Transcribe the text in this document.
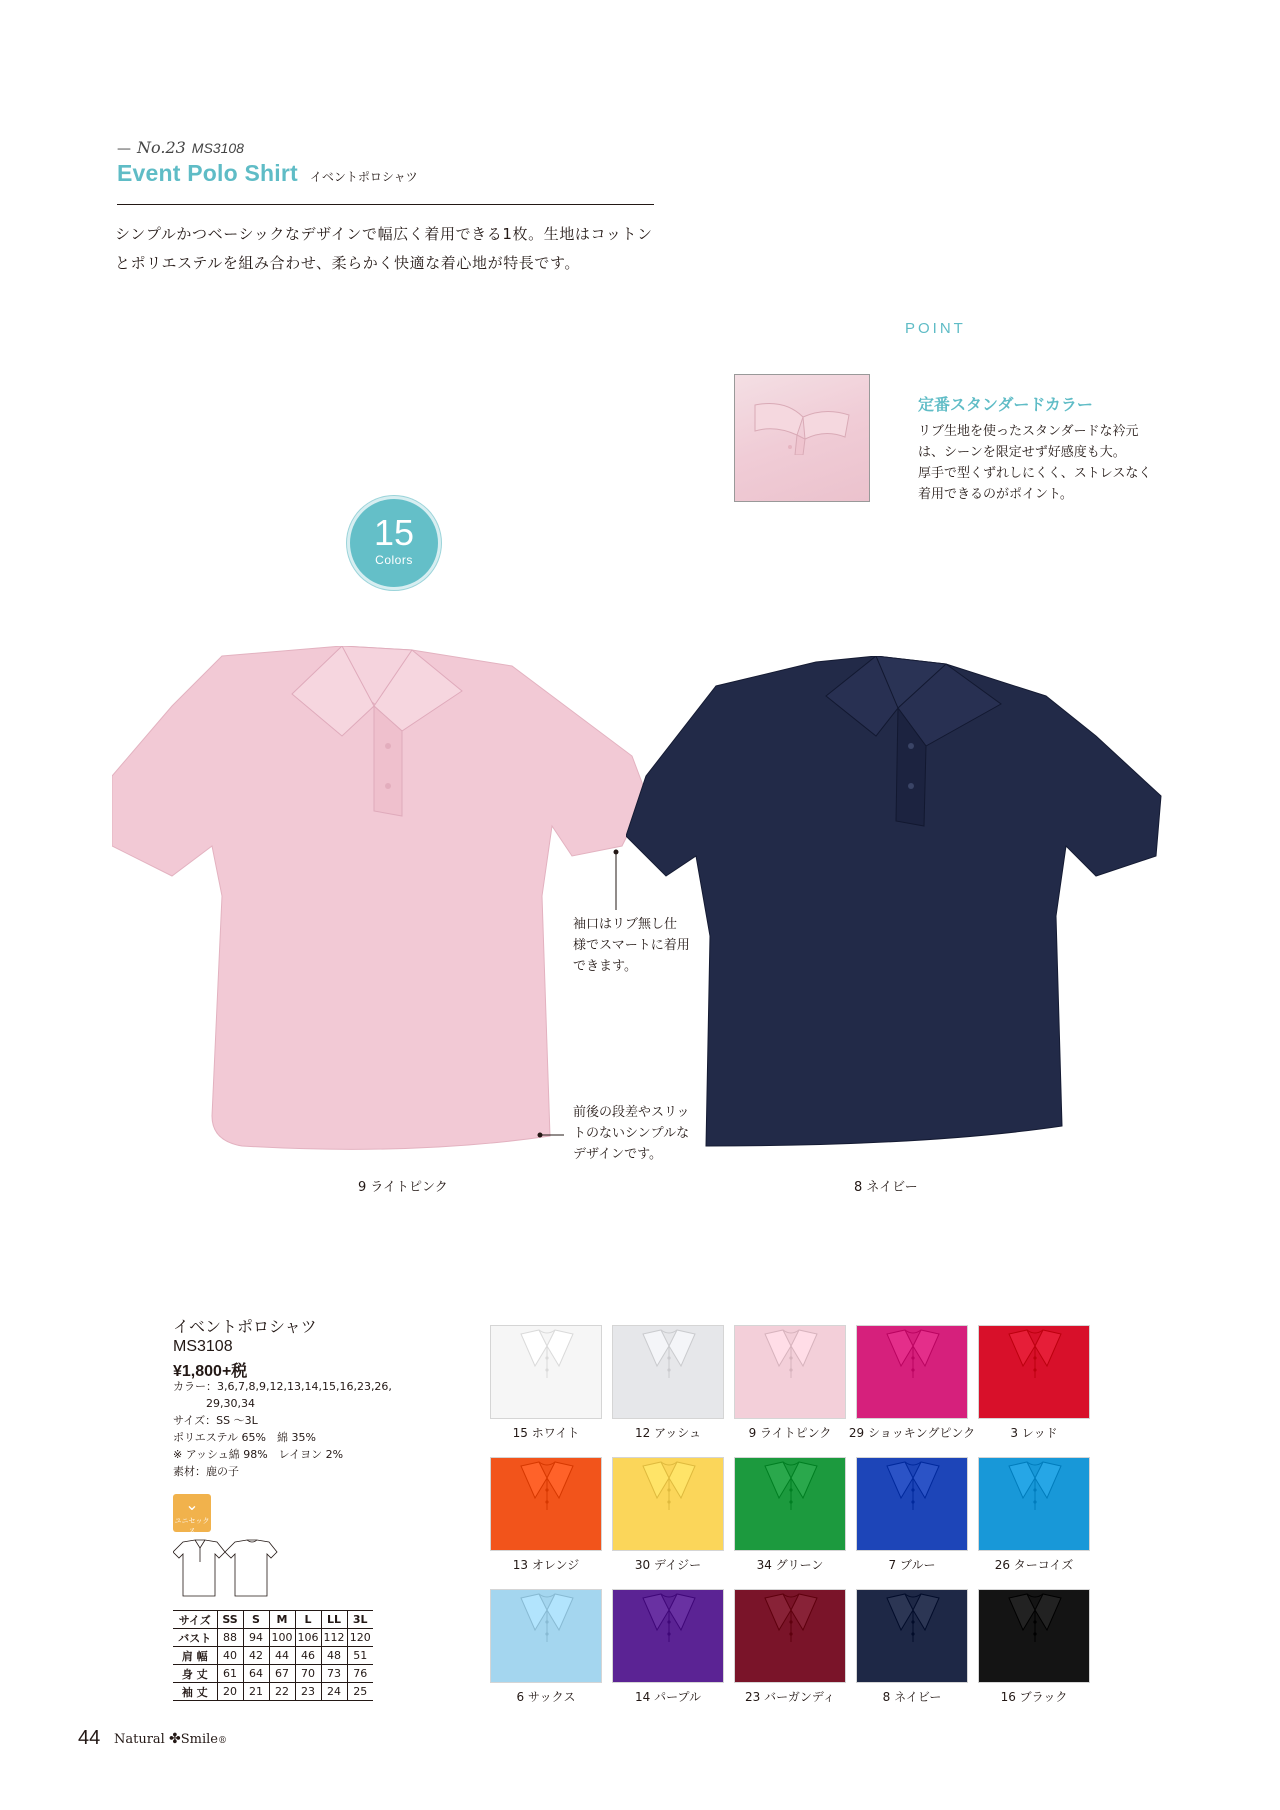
— No.23 MS3108
Event Polo Shirt イベントポロシャツ
シンプルかつベーシックなデザインで幅広く着用できる1枚。生地はコットン
とポリエステルを組み合わせ、柔らかく快適な着心地が特長です。
POINT
定番スタンダードカラー
リブ生地を使ったスタンダードな衿元
は、シーンを限定せず好感度も大。
厚手で型くずれしにくく、ストレスなく
着用できるのがポイント。
15
Colors
袖口はリブ無し仕
様でスマートに着用
できます。
前後の段差やスリッ
トのないシンプルな
デザインです。
9 ライトピンク	8 ネイビー
イベントポロシャツ
MS3108
¥1,800+税
カラー：3,6,7,8,9,12,13,14,15,16,23,26,
　　　29,30,34
サイズ：SS 〜3L
ポリエステル 65%　綿 35%
※ アッシュ綿 98%　レイヨン 2%
素材：鹿の子
⌄
ユニセックス
サイズ	SS	S	M	L	LL	3L
バスト	88	94	100	106	112	120
肩 幅	40	42	44	46	48	51
身 丈	61	64	67	70	73	76
袖 丈	20	21	22	23	24	25
15 ホワイト	12 アッシュ	9 ライトピンク	29 ショッキングピンク	3 レッド
13 オレンジ	30 デイジー	34 グリーン	7 ブルー	26 ターコイズ
6 サックス	14 パープル	23 バーガンディ	8 ネイビー	16 ブラック
44 Natural ✤Smile®
